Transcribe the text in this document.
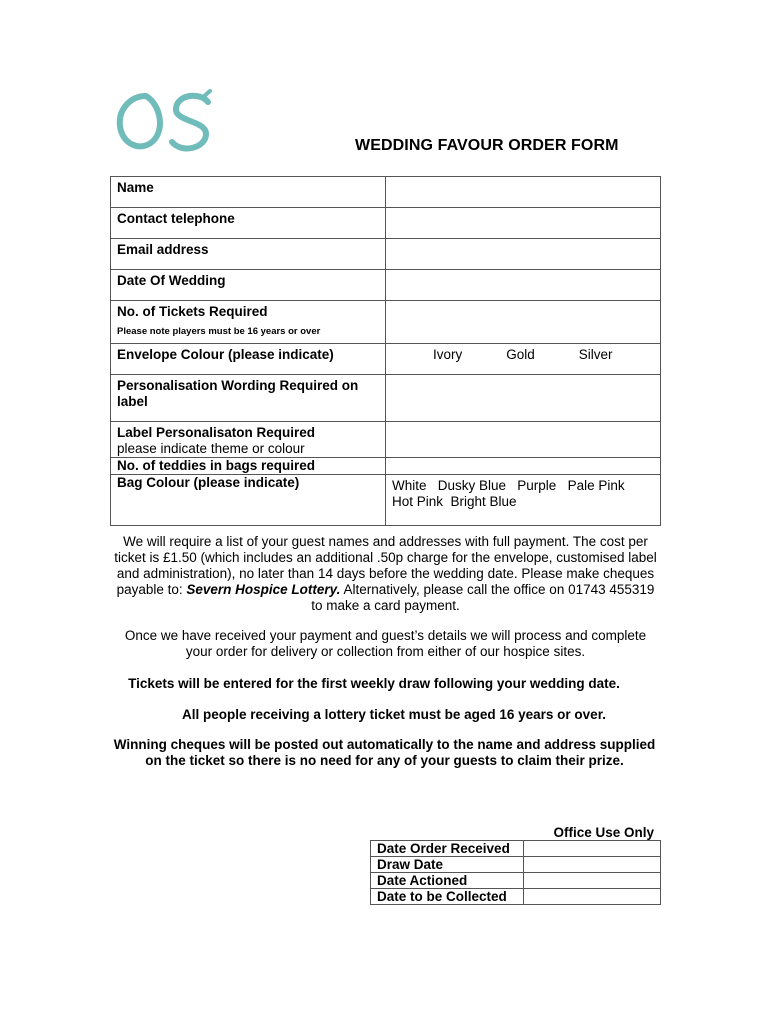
WEDDING FAVOUR ORDER FORM
Name	
Contact telephone	
Email address	
Date Of Wedding	
No. of Tickets Required
Please note players must be 16 years or over	

Envelope Colour (please indicate)	Ivory Gold Silver

Personalisation Wording Required on label	
Label Personalisaton Required
please indicate theme or colour	
No. of teddies in bags required	
Bag Colour (please indicate)	White   Dusky Blue   Purple   Pale Pink
Hot Pink  Bright Blue
We will require a list of your guest names and addresses with full payment. The cost per ticket is £1.50 (which includes an additional .50p charge for the envelope, customised label and administration), no later than 14 days before the wedding date. Please make cheques payable to: Severn Hospice Lottery. Alternatively, please call the office on 01743 455319 to make a card payment.
Once we have received your payment and guest’s details we will process and complete your order for delivery or collection from either of our hospice sites.
Tickets will be entered for the first weekly draw following your wedding date.
All people receiving a lottery ticket must be aged 16 years or over.
Winning cheques will be posted out automatically to the name and address supplied on the ticket so there is no need for any of your guests to claim their prize.
Office Use Only
Date Order Received	
Draw Date	
Date Actioned	
Date to be Collected	
